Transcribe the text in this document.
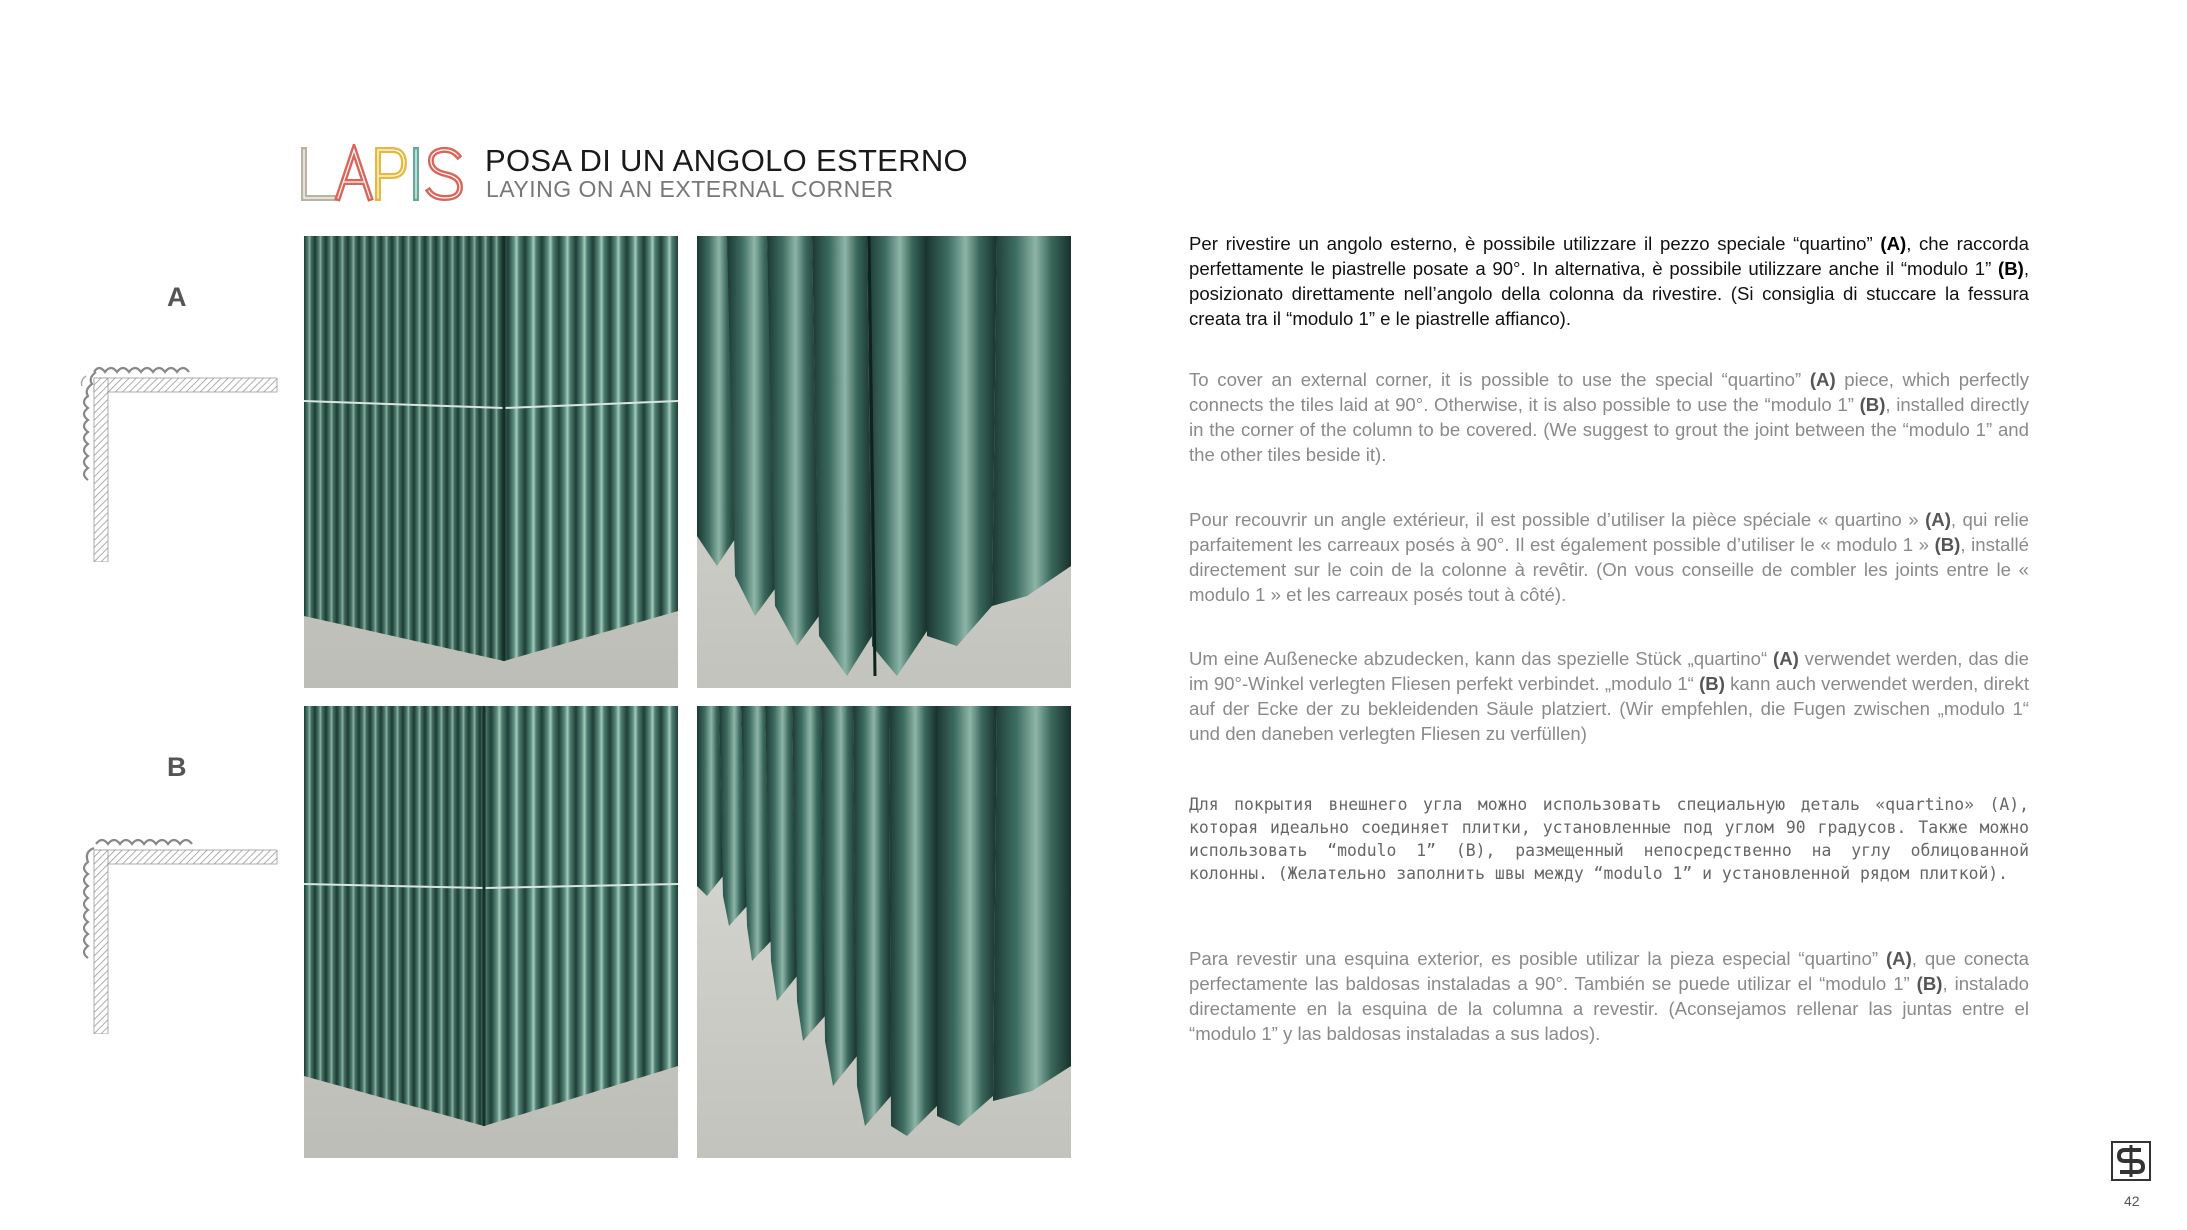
POSA DI UN ANGOLO ESTERNO
LAYING ON AN EXTERNAL CORNER
A
B
Per rivestire un angolo esterno, è possibile utilizzare il pezzo speciale “quartino” (A), che raccorda perfettamente le piastrelle posate a 90°. In alternativa, è possibile utilizzare anche il “modulo 1” (B), posizionato direttamente nell’angolo della colonna da rivestire. (Si consiglia di stuccare la fessura creata tra il “modulo 1” e le piastrelle affianco).
To cover an external corner, it is possible to use the special “quartino” (A) piece, which perfectly connects the tiles laid at 90°. Otherwise, it is also possible to use the “modulo 1” (B), installed directly in the corner of the column to be covered. (We suggest to grout the joint between the “modulo 1” and the other tiles beside it).
Pour recouvrir un angle extérieur, il est possible d’utiliser la pièce spéciale « quartino » (A), qui relie parfaitement les carreaux posés à 90°. Il est également possible d’utiliser le « modulo 1 » (B), installé directement sur le coin de la colonne à revêtir. (On vous conseille de combler les joints entre le « modulo 1 » et les carreaux posés tout à côté).
Um eine Außenecke abzudecken, kann das spezielle Stück „quartino“ (A) verwendet werden, das die im 90°-Winkel verlegten Fliesen perfekt verbindet. „modulo 1“ (B) kann auch verwendet werden, direkt auf der Ecke der zu bekleidenden Säule platziert. (Wir empfehlen, die Fugen zwischen „modulo 1“ und den daneben verlegten Fliesen zu verfüllen)
Для покрытия внешнего угла можно использовать специальную деталь «quartino» (A), которая идеально соединяет плитки, установленные под углом 90 градусов. Также можно использовать “modulo 1” (B), размещенный непосредственно на углу облицованной колонны. (Желательно заполнить швы между “modulo 1” и установленной рядом плиткой).
Para revestir una esquina exterior, es posible utilizar la pieza especial “quartino” (A), que conecta perfectamente las baldosas instaladas a 90°. También se puede utilizar el “modulo 1” (B), instalado directamente en la esquina de la columna a revestir. (Aconsejamos rellenar las juntas entre el “modulo 1” y las baldosas instaladas a sus lados).
42
